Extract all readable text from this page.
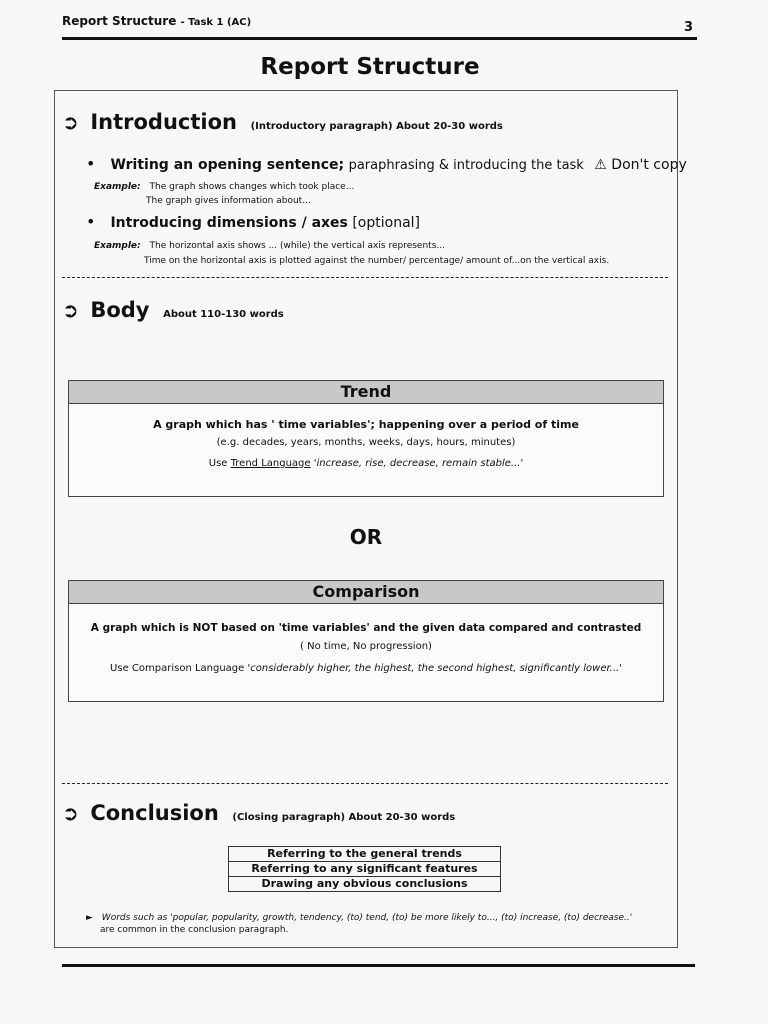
Report Structure - Task 1 (AC)	3
Report Structure
➲ Introduction (Introductory paragraph) About 20-30 words
• Writing an opening sentence; paraphrasing & introducing the task ⚠ Don't copy
Example: The graph shows changes which took place...
The graph gives information about...
• Introducing dimensions / axes [optional]
Example: The horizontal axis shows ... (while) the vertical axis represents...
Time on the horizontal axis is plotted against the number/ percentage/ amount of...on the vertical axis.
➲ Body About 110-130 words
Trend
A graph which has ' time variables'; happening over a period of time
(e.g. decades, years, months, weeks, days, hours, minutes)
Use Trend Language 'increase, rise, decrease, remain stable...'
OR
Comparison
A graph which is NOT based on 'time variables' and the given data compared and contrasted
( No time, No progression)
Use Comparison Language 'considerably higher, the highest, the second highest, significantly lower...'
➲ Conclusion (Closing paragraph) About 20-30 words
Referring to the general trends
Referring to any significant features
Drawing any obvious conclusions
► Words such as 'popular, popularity, growth, tendency, (to) tend, (to) be more likely to..., (to) increase, (to) decrease..'
are common in the conclusion paragraph.
